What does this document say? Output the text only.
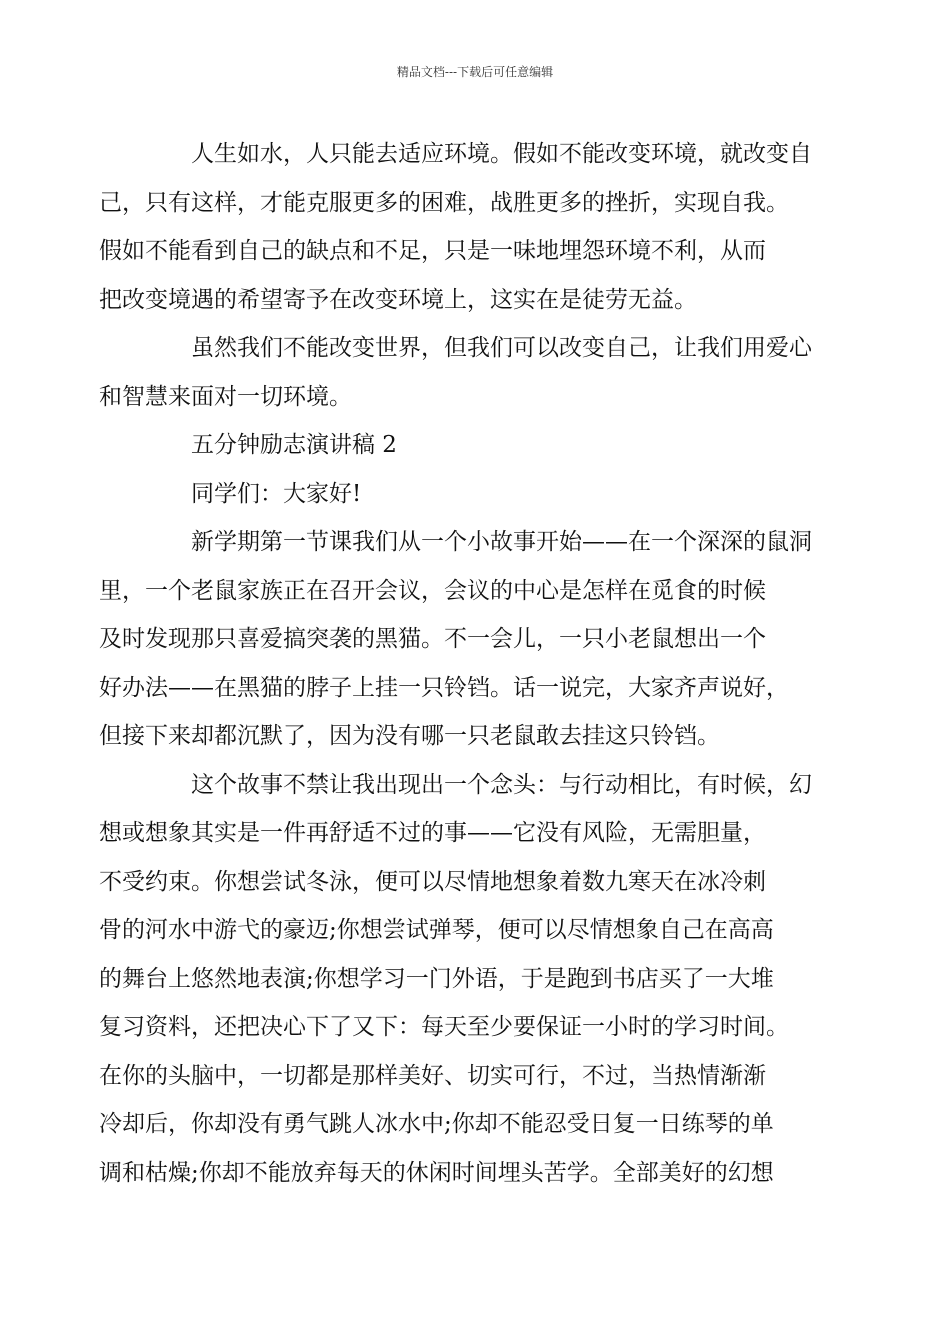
精品文档---下载后可任意编辑

人生如水，人只能去适应环境。假如不能改变环境，就改变自
己，只有这样，才能克服更多的困难，战胜更多的挫折，实现自我。
假如不能看到自己的缺点和不足，只是一味地埋怨环境不利，从而
把改变境遇的希望寄予在改变环境上，这实在是徒劳无益。

虽然我们不能改变世界，但我们可以改变自己，让我们用爱心
和智慧来面对一切环境。

五分钟励志演讲稿 2

同学们：大家好!

新学期第一节课我们从一个小故事开始——在一个深深的鼠洞
里，一个老鼠家族正在召开会议，会议的中心是怎样在觅食的时候
及时发现那只喜爱搞突袭的黑猫。不一会儿，一只小老鼠想出一个
好办法——在黑猫的脖子上挂一只铃铛。话一说完，大家齐声说好，
但接下来却都沉默了，因为没有哪一只老鼠敢去挂这只铃铛。

这个故事不禁让我出现出一个念头：与行动相比，有时候，幻
想或想象其实是一件再舒适不过的事——它没有风险，无需胆量，
不受约束。你想尝试冬泳，便可以尽情地想象着数九寒天在冰冷刺
骨的河水中游弋的豪迈;你想尝试弹琴，便可以尽情想象自己在高高
的舞台上悠然地表演;你想学习一门外语，于是跑到书店买了一大堆
复习资料，还把决心下了又下：每天至少要保证一小时的学习时间。
在你的头脑中，一切都是那样美好、切实可行，不过，当热情渐渐
冷却后，你却没有勇气跳人冰水中;你却不能忍受日复一日练琴的单
调和枯燥;你却不能放弃每天的休闲时间埋头苦学。全部美好的幻想
